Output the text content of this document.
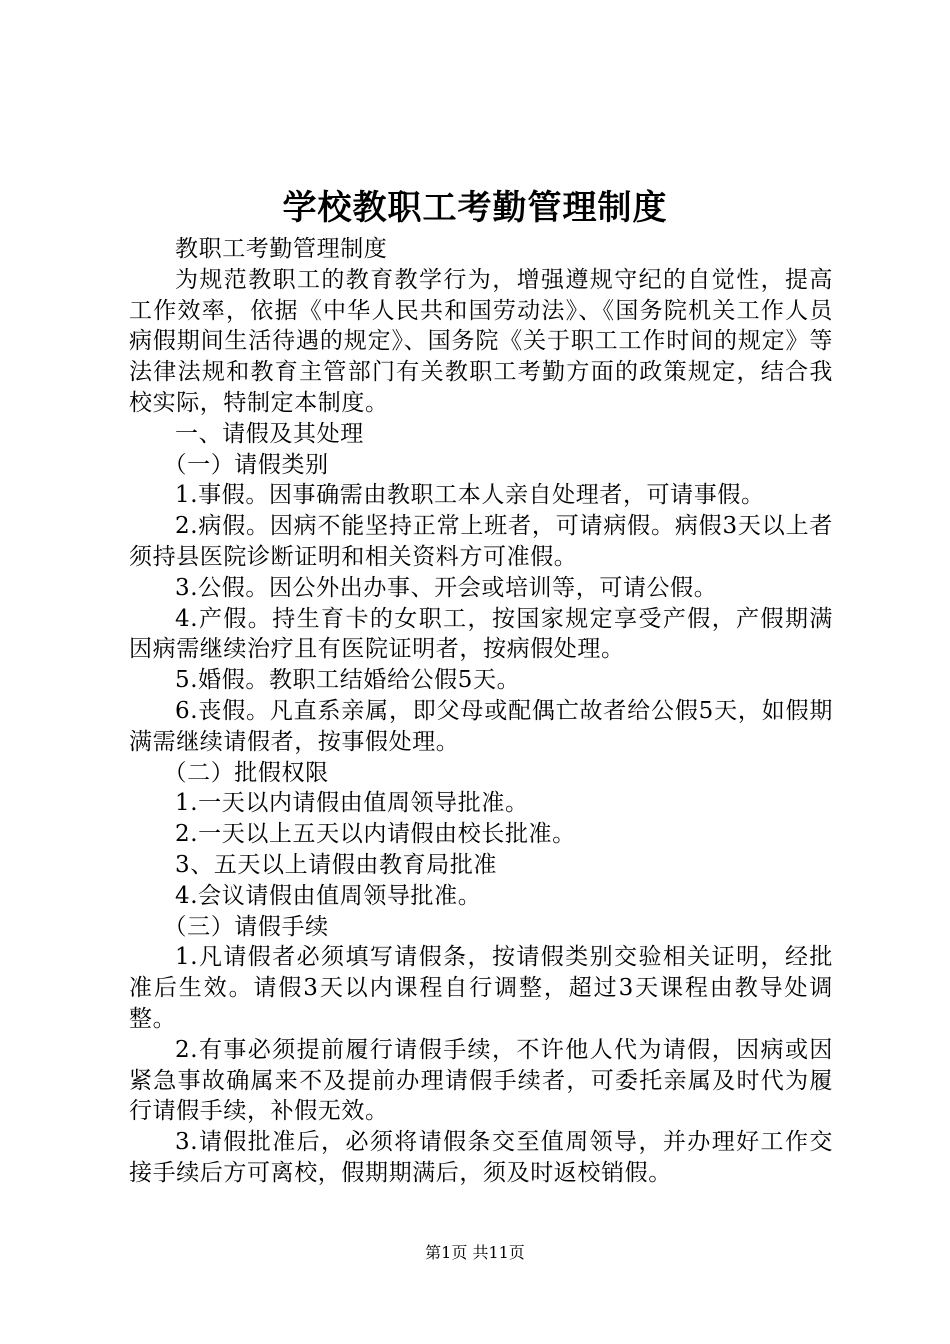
学校教职工考勤管理制度

教职工考勤管理制度

为规范教职工的教育教学行为，增强遵规守纪的自觉性，提高工作效率，依据《中华人民共和国劳动法》、《国务院机关工作人员病假期间生活待遇的规定》、国务院《关于职工工作时间的规定》等法律法规和教育主管部门有关教职工考勤方面的政策规定，结合我校实际，特制定本制度。

一、请假及其处理

（一）请假类别

1.事假。因事确需由教职工本人亲自处理者，可请事假。

2.病假。因病不能坚持正常上班者，可请病假。病假3天以上者须持县医院诊断证明和相关资料方可准假。

3.公假。因公外出办事、开会或培训等，可请公假。

4.产假。持生育卡的女职工，按国家规定享受产假，产假期满因病需继续治疗且有医院证明者，按病假处理。

5.婚假。教职工结婚给公假5天。

6.丧假。凡直系亲属，即父母或配偶亡故者给公假5天，如假期满需继续请假者，按事假处理。

（二）批假权限

1.一天以内请假由值周领导批准。

2.一天以上五天以内请假由校长批准。

3、五天以上请假由教育局批准

4.会议请假由值周领导批准。

（三）请假手续

1.凡请假者必须填写请假条，按请假类别交验相关证明，经批准后生效。请假3天以内课程自行调整，超过3天课程由教导处调整。

2.有事必须提前履行请假手续，不许他人代为请假，因病或因紧急事故确属来不及提前办理请假手续者，可委托亲属及时代为履行请假手续，补假无效。

3.请假批准后，必须将请假条交至值周领导，并办理好工作交接手续后方可离校，假期期满后，须及时返校销假。

第1页 共11页
